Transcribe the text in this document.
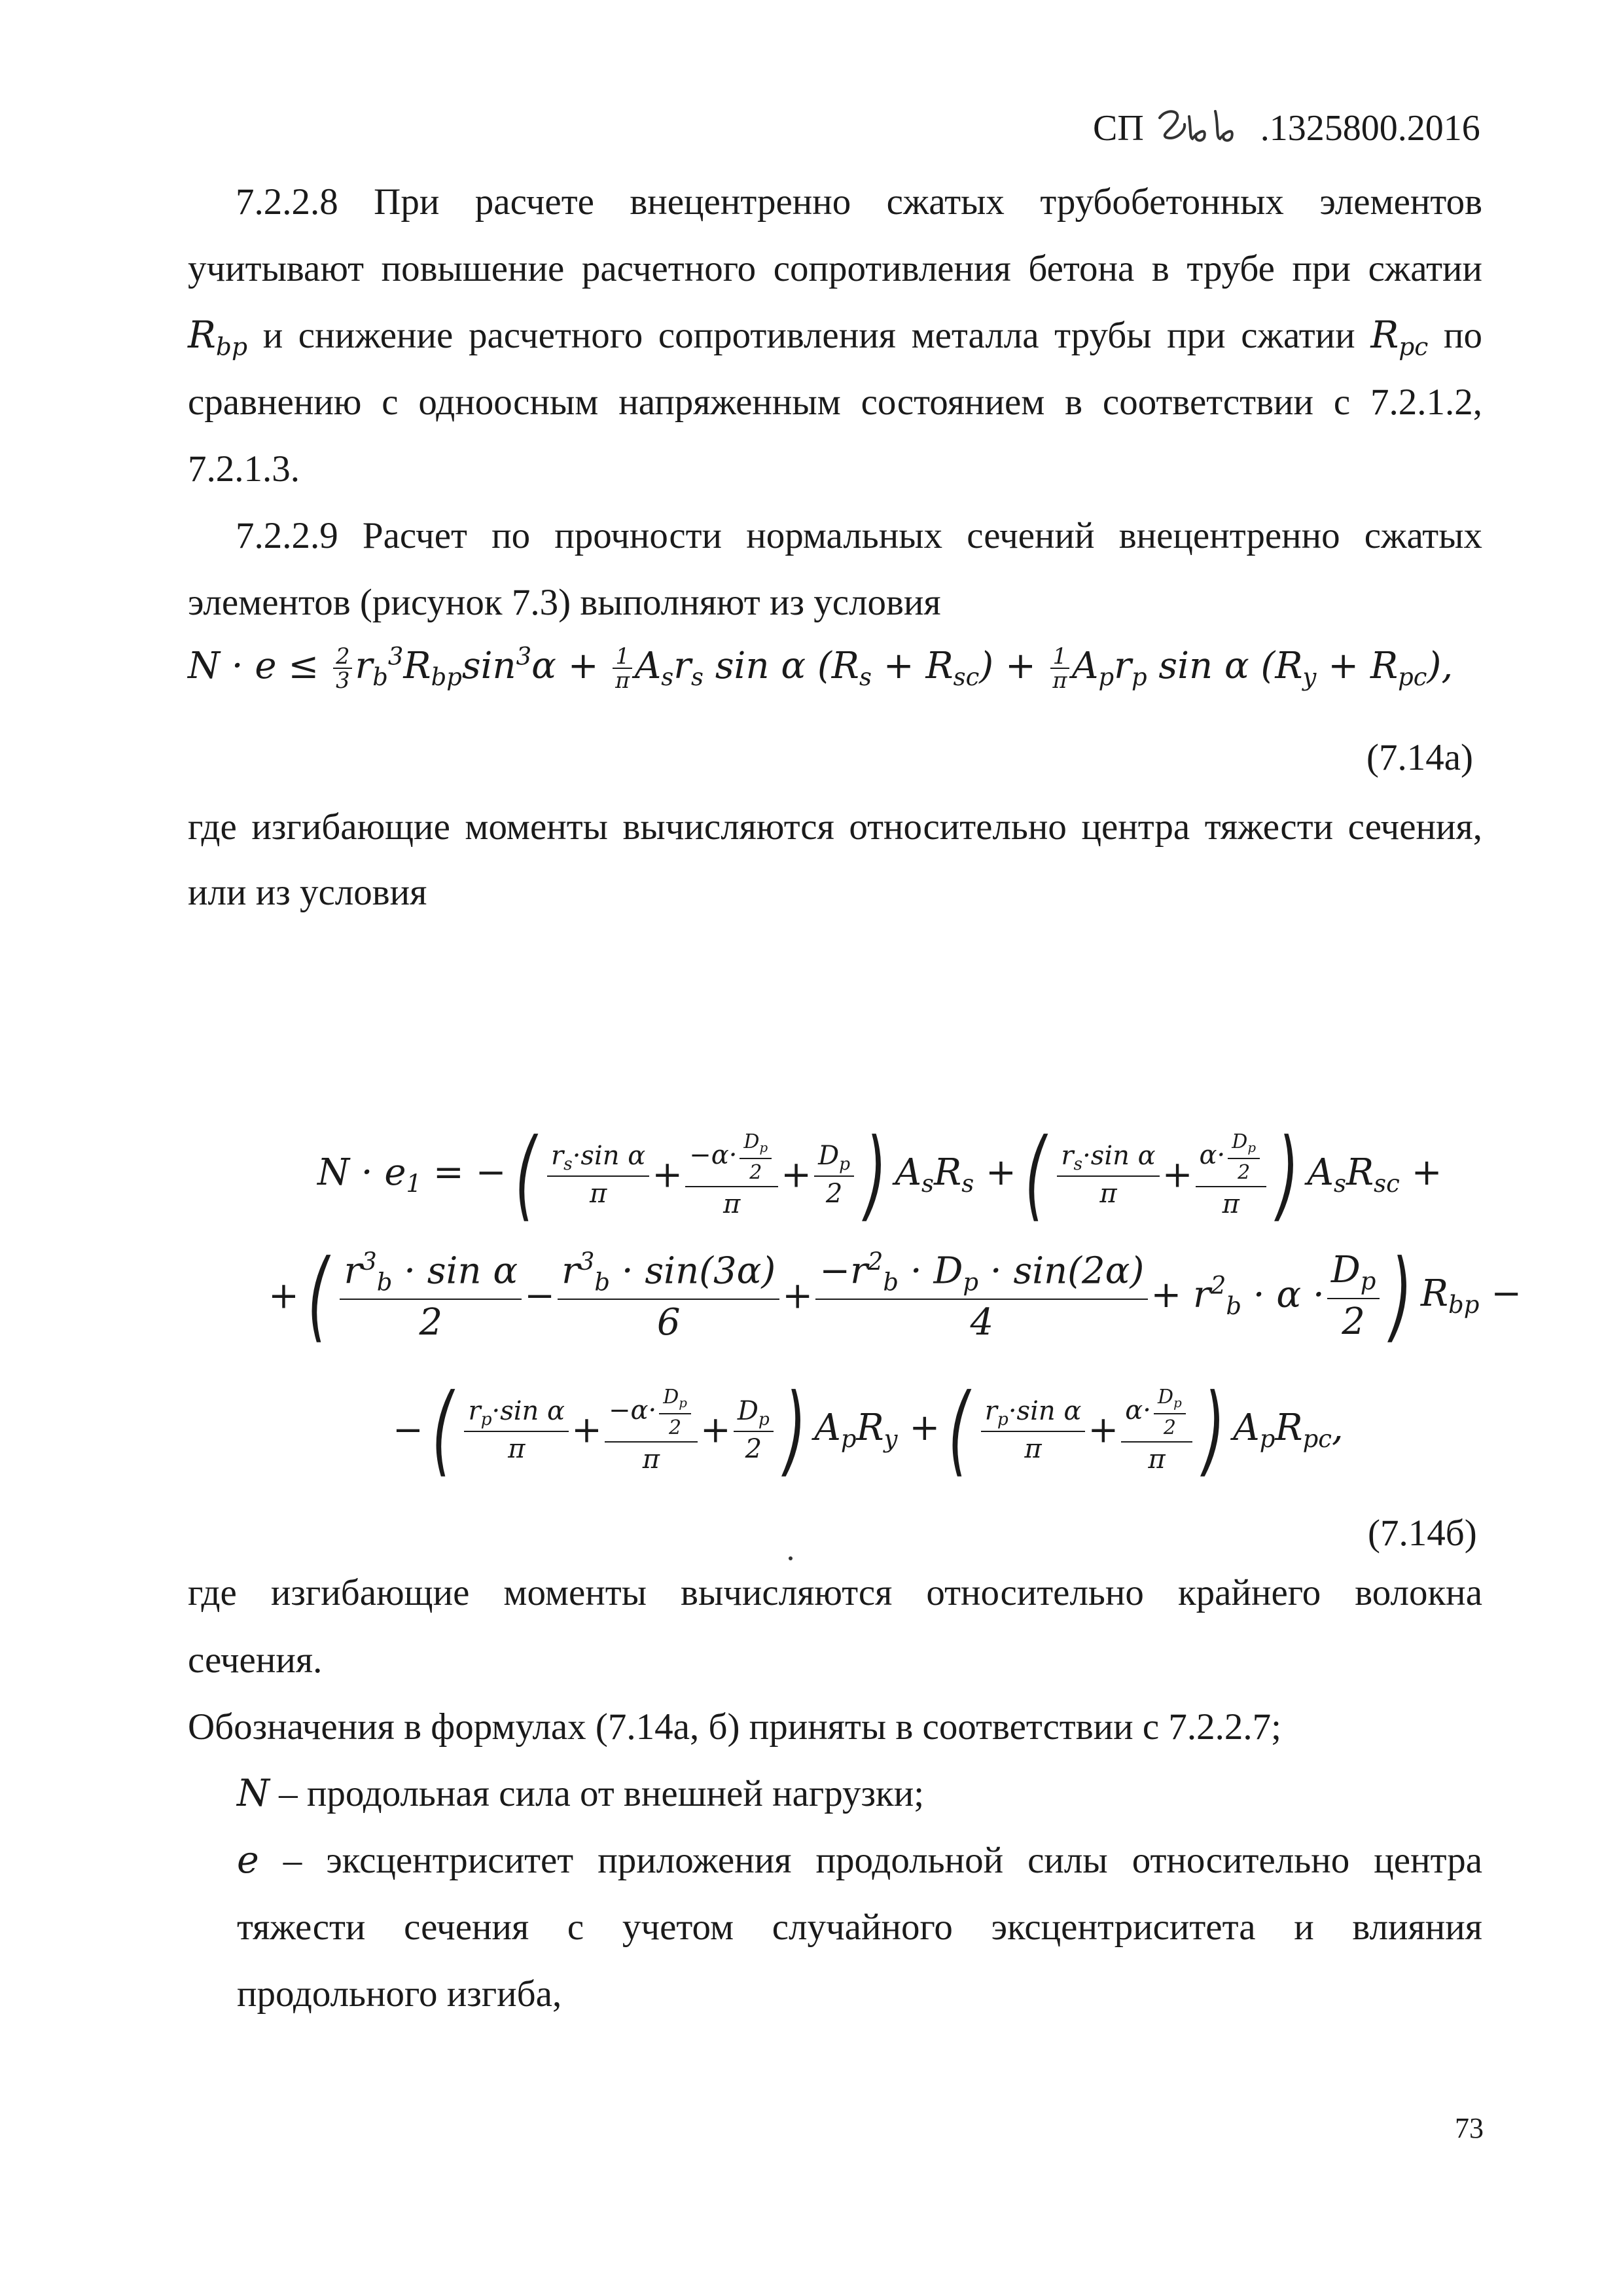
СП	.1325800.2016
7.2.2.8 При расчете внецентренно сжатых трубобетонных элементов
учитывают повышение расчетного сопротивления бетона в трубе при сжатии
$R_{bp}$ и снижение расчетного сопротивления металла трубы при сжатии $R_{pc}$ по
сравнению с одноосным напряженным состоянием в соответствии с 7.2.1.2,
7.2.1.3.
7.2.2.9 Расчет по прочности нормальных сечений внецентренно сжатых
элементов (рисунок 7.3) выполняют из условия
$N \cdot e \le \frac{2}{3} r_b^3R_{bp}\sin^3\alpha + \frac{1}{\pi} A_sr_s$ sin α $(R_s + R_{sc}) + \frac{1}{\pi} A_pr_p$ sin α $(R_y + R_{pc})$,
(7.14а)
где изгибающие моменты вычисляются относительно центра тяжести сечения,
или из условия
$N \cdot e_1$ = −( $\frac{r_s\cdot\sin \alpha}{\pi} + \frac{-\alpha\cdot \frac{D_p}{2}}{\pi} + \frac{D_p}{2}$ ) $A_sR_s$ +( $\frac{r_s\cdot\sin \alpha}{\pi} + \frac{\alpha\cdot \frac{D_p}{2}}{\pi}$ ) $A_sR_{sc}$ +
+( $\frac{r^3_b \cdot \sin \alpha}{2} - \frac{r^3_b \cdot \sin(3\alpha)}{6} + \frac{-r^2_b \cdot D_p \cdot \sin(2\alpha)}{4} + r^2_b \cdot \alpha \cdot \frac{D_p}{2}$ ) $R_{bp}$ −
−( $\frac{r_p\cdot\sin \alpha}{\pi} + \frac{-\alpha\cdot \frac{D_p}{2}}{\pi} + \frac{D_p}{2}$ ) $A_pR_y$ +( $\frac{r_p\cdot\sin \alpha}{\pi} + \frac{\alpha\cdot \frac{D_p}{2}}{\pi}$ ) $A_pR_{pc}$,
(7.14б)
где изгибающие моменты вычисляются относительно крайнего волокна
сечения.
Обозначения в формулах (7.14а, б) приняты в соответствии с 7.2.2.7;
N – продольная сила от внешней нагрузки;
e – эксцентриситет приложения продольной силы относительно центра
тяжести сечения с учетом случайного эксцентриситета и влияния
продольного изгиба,
73
